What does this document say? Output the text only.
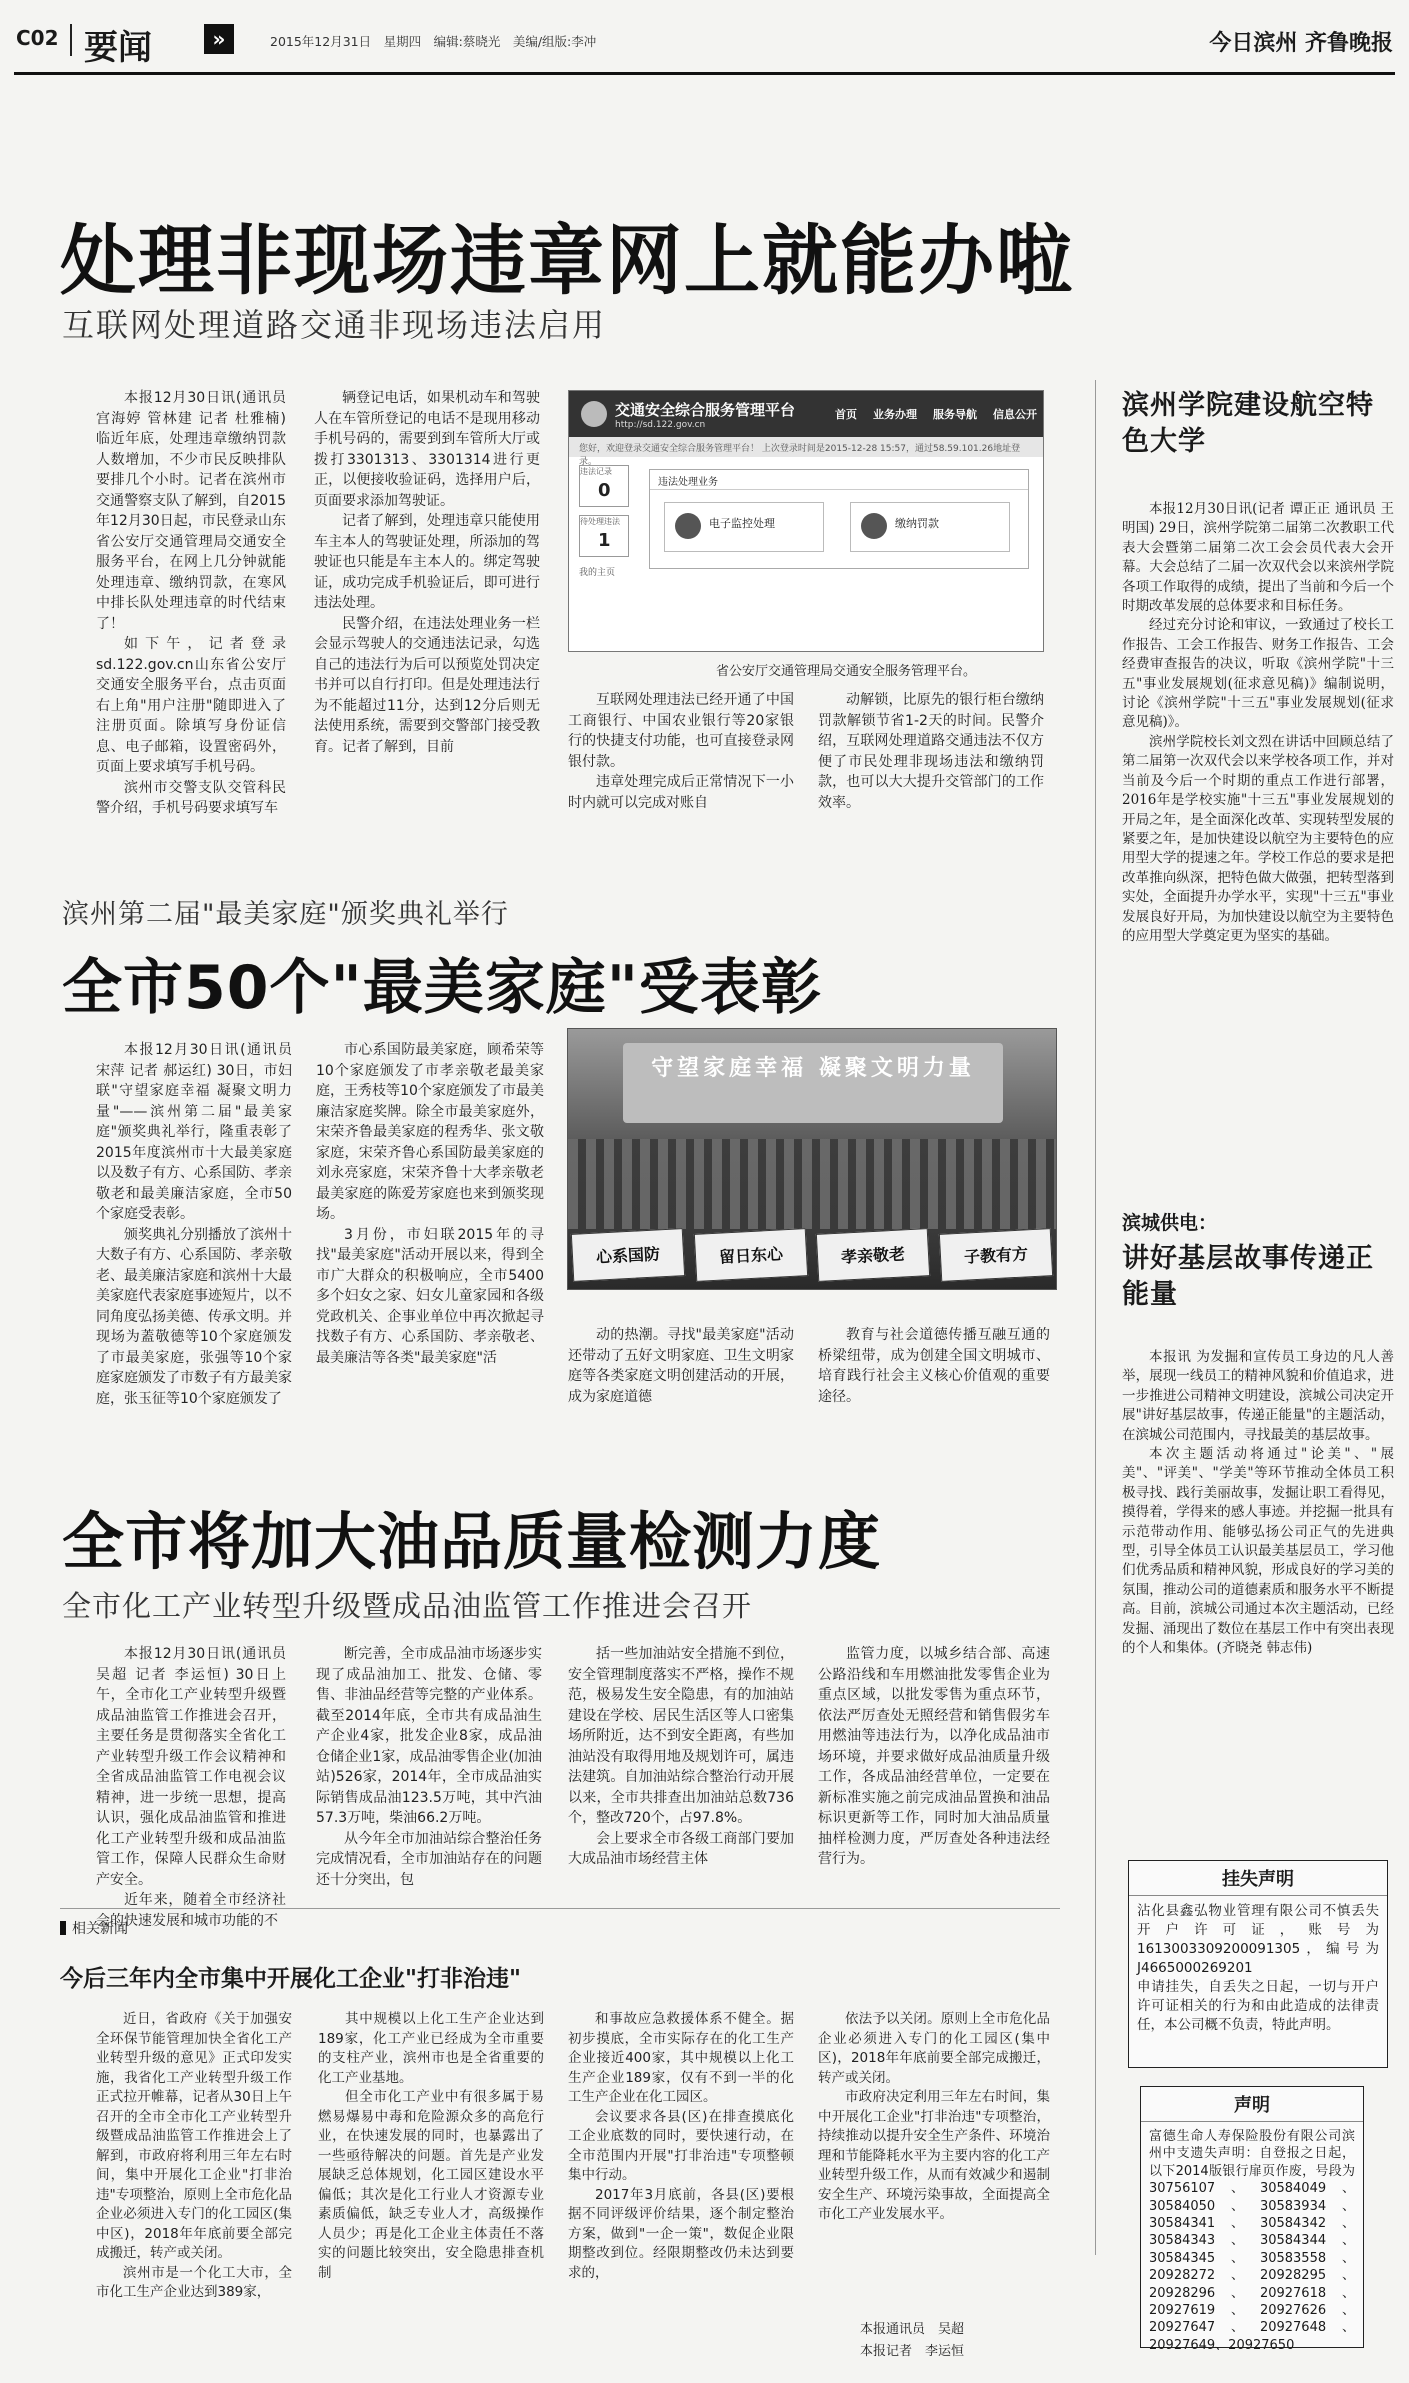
C02 要闻	»	2015年12月31日　星期四　编辑:蔡晓光　美编/组版:李冲	今日滨州 齐鲁晚报
处理非现场违章网上就能办啦
互联网处理道路交通非现场违法启用

本报12月30日讯(通讯员 宫海婷 管林建 记者 杜雅楠) 临近年底，处理违章缴纳罚款人数增加，不少市民反映排队要排几个小时。记者在滨州市交通警察支队了解到，自2015年12月30日起，市民登录山东省公安厅交通管理局交通安全服务平台，在网上几分钟就能处理违章、缴纳罚款，在寒风中排长队处理违章的时代结束了！

如下午，记者登录sd.122.gov.cn山东省公安厅交通安全服务平台，点击页面右上角"用户注册"随即进入了注册页面。除填写身份证信息、电子邮箱，设置密码外，页面上要求填写手机号码。

滨州市交警支队交管科民警介绍，手机号码要求填写车

辆登记电话，如果机动车和驾驶人在车管所登记的电话不是现用移动手机号码的，需要到到车管所大厅或拨打3301313、3301314进行更正，以便接收验证码，选择用户后，页面要求添加驾驶证。

记者了解到，处理违章只能使用车主本人的驾驶证处理，所添加的驾驶证也只能是车主本人的。绑定驾驶证，成功完成手机验证后，即可进行违法处理。

民警介绍，在违法处理业务一栏会显示驾驶人的交通违法记录，勾选自己的违法行为后可以预览处罚决定书并可以自行打印。但是处理违法行为不能超过11分，达到12分后则无法使用系统，需要到交警部门接受教育。记者了解到，目前

交通安全综合服务管理平台
http://sd.122.gov.cn
首页 业务办理 服务导航 信息公开
您好，欢迎登录交通安全综合服务管理平台！ 上次登录时间是2015-12-28 15:57，通过58.59.101.26地址登录。
违法记录
0
待处理违法
1
我的主页
违法处理业务
电子监控处理	缴纳罚款
省公安厅交通管理局交通安全服务管理平台。

互联网处理违法已经开通了中国工商银行、中国农业银行等20家银行的快捷支付功能，也可直接登录网银付款。

违章处理完成后正常情况下一小时内就可以完成对账自

动解锁，比原先的银行柜台缴纳罚款解锁节省1-2天的时间。民警介绍，互联网处理道路交通违法不仅方便了市民处理非现场违法和缴纳罚款，也可以大大提升交管部门的工作效率。

滨州第二届"最美家庭"颁奖典礼举行
全市50个"最美家庭"受表彰

本报12月30日讯(通讯员 宋萍 记者 郝运红) 30日，市妇联"守望家庭幸福 凝聚文明力量"——滨州第二届"最美家庭"颁奖典礼举行，隆重表彰了2015年度滨州市十大最美家庭以及数子有方、心系国防、孝亲敬老和最美廉洁家庭，全市50个家庭受表彰。

颁奖典礼分别播放了滨州十大数子有方、心系国防、孝亲敬老、最美廉洁家庭和滨州十大最美家庭代表家庭事迹短片，以不同角度弘扬美德、传承文明。并现场为蓋敬德等10个家庭颁发了市最美家庭，张强等10个家庭家庭颁发了市数子有方最美家庭，张玉征等10个家庭颁发了

市心系国防最美家庭，顾希荣等10个家庭颁发了市孝亲敬老最美家庭，王秀枝等10个家庭颁发了市最美廉洁家庭奖牌。除全市最美家庭外，宋荣齐鲁最美家庭的程秀华、张文敬家庭，宋荣齐鲁心系国防最美家庭的刘永亮家庭，宋荣齐鲁十大孝亲敬老最美家庭的陈爱芳家庭也来到颁奖现场。

3月份，市妇联2015年的寻找"最美家庭"活动开展以来，得到全市广大群众的积极响应，全市5400多个妇女之家、妇女儿童家园和各级党政机关、企事业单位中再次掀起寻找数子有方、心系国防、孝亲敬老、最美廉洁等各类"最美家庭"活

守望家庭幸福 凝聚文明力量
心系国防	留日东心	孝亲敬老	子教有方

动的热潮。寻找"最美家庭"活动还带动了五好文明家庭、卫生文明家庭等各类家庭文明创建活动的开展，成为家庭道德

教育与社会道德传播互融互通的桥梁纽带，成为创建全国文明城市、培育践行社会主义核心价值观的重要途径。

全市将加大油品质量检测力度
全市化工产业转型升级暨成品油监管工作推进会召开

本报12月30日讯(通讯员 吴超 记者 李运恒) 30日上午，全市化工产业转型升级暨成品油监管工作推进会召开，主要任务是贯彻落实全省化工产业转型升级工作会议精神和全省成品油监管工作电视会议精神，进一步统一思想，提高认识，强化成品油监管和推进化工产业转型升级和成品油监管工作，保障人民群众生命财产安全。

近年来，随着全市经济社会的快速发展和城市功能的不

断完善，全市成品油市场逐步实现了成品油加工、批发、仓储、零售、非油品经营等完整的产业体系。截至2014年底，全市共有成品油生产企业4家，批发企业8家，成品油仓储企业1家，成品油零售企业(加油站)526家，2014年，全市成品油实际销售成品油123.5万吨，其中汽油57.3万吨，柴油66.2万吨。

从今年全市加油站综合整治任务完成情况看，全市加油站存在的问题还十分突出，包

括一些加油站安全措施不到位，安全管理制度落实不严格，操作不规范，极易发生安全隐患，有的加油站建设在学校、居民生活区等人口密集场所附近，达不到安全距离，有些加油站没有取得用地及规划许可，属违法建筑。自加油站综合整治行动开展以来，全市共排查出加油站总数736个，整改720个，占97.8%。

会上要求全市各级工商部门要加大成品油市场经营主体

监管力度，以城乡结合部、高速公路沿线和车用燃油批发零售企业为重点区域，以批发零售为重点环节，依法严厉查处无照经营和销售假劣车用燃油等违法行为，以净化成品油市场环境，并要求做好成品油质量升级工作，各成品油经营单位，一定要在新标准实施之前完成油品置换和油品标识更新等工作，同时加大油品质量抽样检测力度，严厉查处各种违法经营行为。

相关新闻
今后三年内全市集中开展化工企业"打非治违"

近日，省政府《关于加强安全环保节能管理加快全省化工产业转型升级的意见》正式印发实施，我省化工产业转型升级工作正式拉开帷幕，记者从30日上午召开的全市全市化工产业转型升级暨成品油监管工作推进会上了解到，市政府将利用三年左右时间，集中开展化工企业"打非治违"专项整治，原则上全市危化品企业必须进入专门的化工园区(集中区)，2018年年底前要全部完成搬迁，转产或关闭。

滨州市是一个化工大市，全市化工生产企业达到389家，

其中规模以上化工生产企业达到189家，化工产业已经成为全市重要的支柱产业，滨州市也是全省重要的化工产业基地。

但全市化工产业中有很多属于易燃易爆易中毒和危险源众多的高危行业，在快速发展的同时，也暴露出了一些亟待解决的问题。首先是产业发展缺乏总体规划，化工园区建设水平偏低；其次是化工行业人才资源专业素质偏低，缺乏专业人才，高级操作人员少；再是化工企业主体责任不落实的问题比较突出，安全隐患排查机制

和事故应急救援体系不健全。据初步摸底，全市实际存在的化工生产企业接近400家，其中规模以上化工生产企业189家，仅有不到一半的化工生产企业在化工园区。

会议要求各县(区)在排查摸底化工企业底数的同时，要快速行动，在全市范围内开展"打非治违"专项整顿集中行动。

2017年3月底前，各县(区)要根据不同评级评价结果，逐个制定整治方案，做到"一企一策"，数促企业限期整改到位。经限期整改仍未达到要求的，

依法予以关闭。原则上全市危化品企业必须进入专门的化工园区(集中区)，2018年年底前要全部完成搬迁，转产或关闭。

市政府决定利用三年左右时间，集中开展化工企业"打非治违"专项整治，持续推动以提升安全生产条件、环境治理和节能降耗水平为主要内容的化工产业转型升级工作，从而有效减少和遏制安全生产、环境污染事故，全面提高全市化工产业发展水平。

本报通讯员　吴超
本报记者　李运恒
滨州学院建设航空特色大学

本报12月30日讯(记者 谭正正 通讯员 王明国) 29日，滨州学院第二届第二次教职工代表大会暨第二届第二次工会会员代表大会开幕。大会总结了二届一次双代会以来滨州学院各项工作取得的成绩，提出了当前和今后一个时期改革发展的总体要求和目标任务。

经过充分讨论和审议，一致通过了校长工作报告、工会工作报告、财务工作报告、工会经费审查报告的决议，听取《滨州学院"十三五"事业发展规划(征求意见稿)》编制说明，讨论《滨州学院"十三五"事业发展规划(征求意见稿)》。

滨州学院校长刘文烈在讲话中回顾总结了第二届第一次双代会以来学校各项工作，并对当前及今后一个时期的重点工作进行部署，2016年是学校实施"十三五"事业发展规划的开局之年，是全面深化改革、实现转型发展的紧要之年，是加快建设以航空为主要特色的应用型大学的提速之年。学校工作总的要求是把改革推向纵深，把特色做大做强，把转型落到实处，全面提升办学水平，实现"十三五"事业发展良好开局，为加快建设以航空为主要特色的应用型大学奠定更为坚实的基础。

滨城供电：
讲好基层故事传递正能量

本报讯 为发掘和宣传员工身边的凡人善举，展现一线员工的精神风貌和价值追求，进一步推进公司精神文明建设，滨城公司决定开展"讲好基层故事，传递正能量"的主题活动，在滨城公司范围内，寻找最美的基层故事。

本次主题活动将通过"论美"、"展美"、"评美"、"学美"等环节推动全体员工积极寻找、践行美丽故事，发掘让职工看得见，摸得着，学得来的感人事迹。并挖掘一批具有示范带动作用、能够弘扬公司正气的先进典型，引导全体员工认识最美基层员工，学习他们优秀品质和精神风貌，形成良好的学习美的氛围，推动公司的道德素质和服务水平不断提高。目前，滨城公司通过本次主题活动，已经发掘、涌现出了数位在基层工作中有突出表现的个人和集体。(齐晓尧 韩志伟)

挂失声明

沾化县鑫弘物业管理有限公司不慎丢失开户许可证，账号为1613003309200091305，编号为J4665000269201

申请挂失，自丢失之日起，一切与开户许可证相关的行为和由此造成的法律责任，本公司概不负责，特此声明。

声明

富德生命人寿保险股份有限公司滨州中支遗失声明：自登报之日起，以下2014版银行扉页作废，号段为30756107、30584049、30584050、30583934、30584341、30584342、30584343、30584344、30584345、30583558、20928272、20928295、20928296、20927618、20927619、20927626、20927647、20927648、20927649、20927650
